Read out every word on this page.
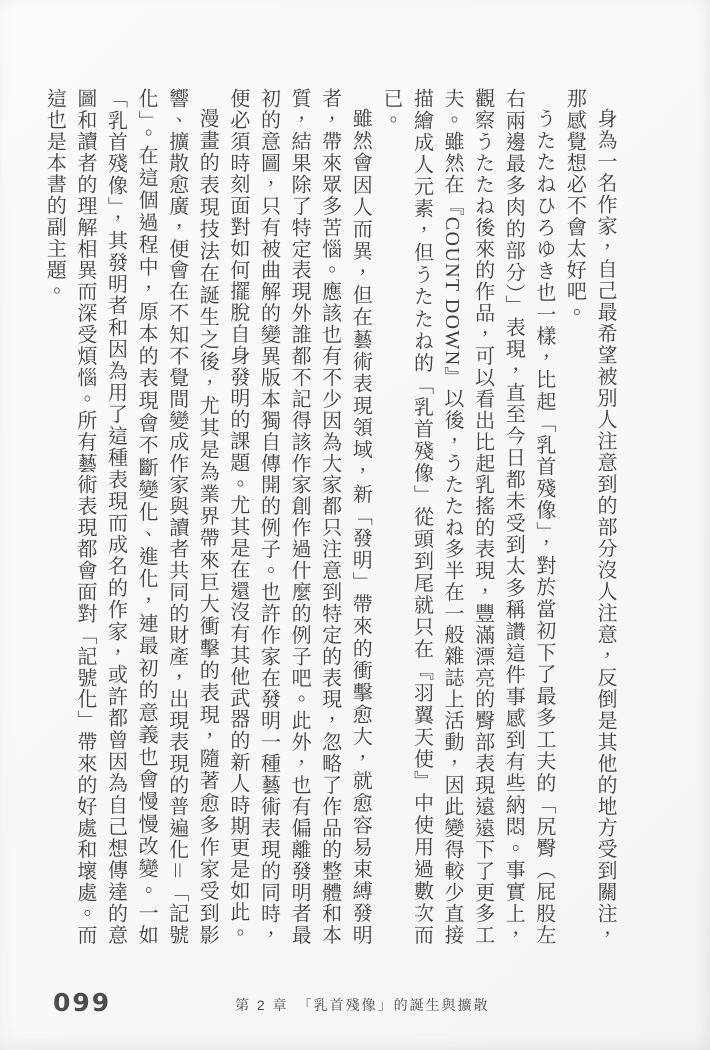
身為一名作家，自己最希望被別人注意到的部分沒人注意，反倒是其他的地方受到關注，那感覺想必不會太好吧。

うたたねひろゆき也一樣，比起「乳首殘像」，對於當初下了最多工夫的「尻臀（屁股左右兩邊最多肉的部分）」表現，直至今日都未受到太多稱讚這件事感到有些納悶。事實上，觀察うたたね後來的作品，可以看出比起乳搖的表現，豐滿漂亮的臀部表現遠遠下了更多工夫。雖然在『COUNT DOWN』以後，うたたね多半在一般雜誌上活動，因此變得較少直接描繪成人元素，但うたたね的「乳首殘像」從頭到尾就只在『羽翼天使』中使用過數次而已。

雖然會因人而異，但在藝術表現領域，新「發明」帶來的衝擊愈大，就愈容易束縛發明者，帶來眾多苦惱。應該也有不少因為大家都只注意到特定的表現，忽略了作品的整體和本質，結果除了特定表現外誰都不記得該作家創作過什麼的例子吧。此外，也有偏離發明者最初的意圖，只有被曲解的變異版本獨自傳開的例子。也許作家在發明一種藝術表現的同時，便必須時刻面對如何擺脫自身發明的課題。尤其是在還沒有其他武器的新人時期更是如此。

漫畫的表現技法在誕生之後，尤其是為業界帶來巨大衝擊的表現，隨著愈多作家受到影響、擴散愈廣，便會在不知不覺間變成作家與讀者共同的財產，出現表現的普遍化＝「記號化」。在這個過程中，原本的表現會不斷變化、進化，連最初的意義也會慢慢改變。一如「乳首殘像」，其發明者和因為用了這種表現而成名的作家，或許都曾因為自己想傳達的意圖和讀者的理解相異而深受煩惱。所有藝術表現都會面對「記號化」帶來的好處和壞處。而這也是本書的副主題。

099	第 2 章　「乳首殘像」的誕生與擴散
